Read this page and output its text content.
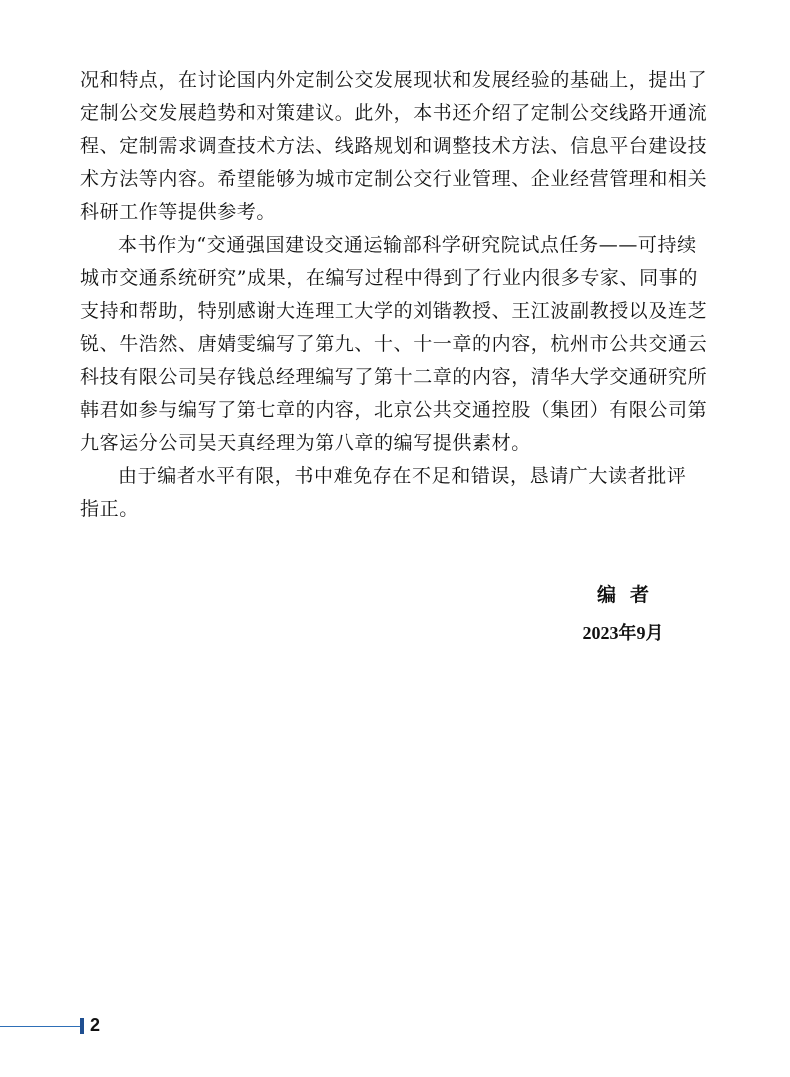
况和特点，在讨论国内外定制公交发展现状和发展经验的基础上，提出了
定制公交发展趋势和对策建议。此外，本书还介绍了定制公交线路开通流
程、定制需求调查技术方法、线路规划和调整技术方法、信息平台建设技
术方法等内容。希望能够为城市定制公交行业管理、企业经营管理和相关
科研工作等提供参考。
本书作为“交通强国建设交通运输部科学研究院试点任务——可持续
城市交通系统研究”成果，在编写过程中得到了行业内很多专家、同事的
支持和帮助，特别感谢大连理工大学的刘锴教授、王江波副教授以及连芝
锐、牛浩然、唐婧雯编写了第九、十、十一章的内容，杭州市公共交通云
科技有限公司吴存钱总经理编写了第十二章的内容，清华大学交通研究所
韩君如参与编写了第七章的内容，北京公共交通控股（集团）有限公司第
九客运分公司吴天真经理为第八章的编写提供素材。
由于编者水平有限，书中难免存在不足和错误，恳请广大读者批评
指正。
编者
2023年9月
2
